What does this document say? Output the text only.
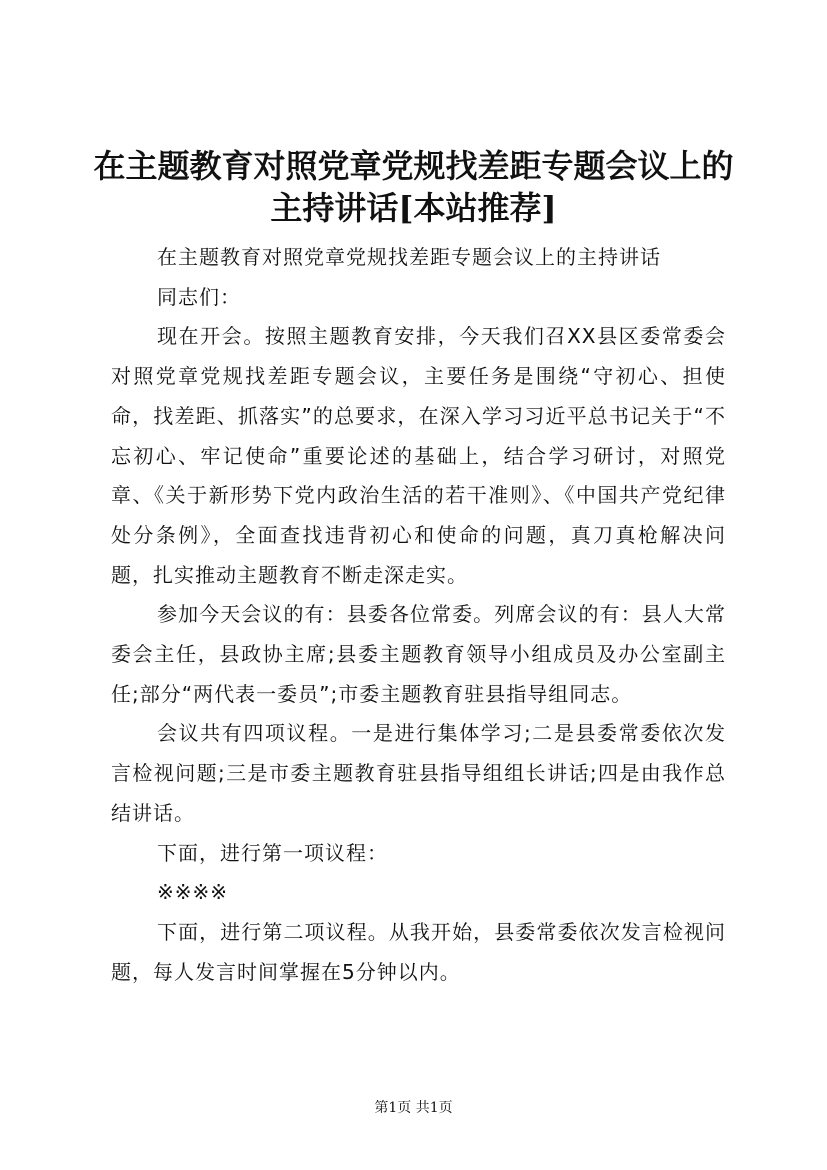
在主题教育对照党章党规找差距专题会议上的
主持讲话[本站推荐]

在主题教育对照党章党规找差距专题会议上的主持讲话

同志们：

现在开会。按照主题教育安排，今天我们召XX县区委常委会对照党章党规找差距专题会议，主要任务是围绕“守初心、担使命，找差距、抓落实”的总要求，在深入学习习近平总书记关于“不忘初心、牢记使命”重要论述的基础上，结合学习研讨，对照党章、《关于新形势下党内政治生活的若干准则》、《中国共产党纪律处分条例》，全面查找违背初心和使命的问题，真刀真枪解决问题，扎实推动主题教育不断走深走实。

参加今天会议的有：县委各位常委。列席会议的有：县人大常委会主任，县政协主席;县委主题教育领导小组成员及办公室副主任;部分“两代表一委员”;市委主题教育驻县指导组同志。

会议共有四项议程。一是进行集体学习;二是县委常委依次发言检视问题;三是市委主题教育驻县指导组组长讲话;四是由我作总结讲话。

下面，进行第一项议程：

※※※※

下面，进行第二项议程。从我开始，县委常委依次发言检视问题，每人发言时间掌握在5分钟以内。

第1页 共1页
